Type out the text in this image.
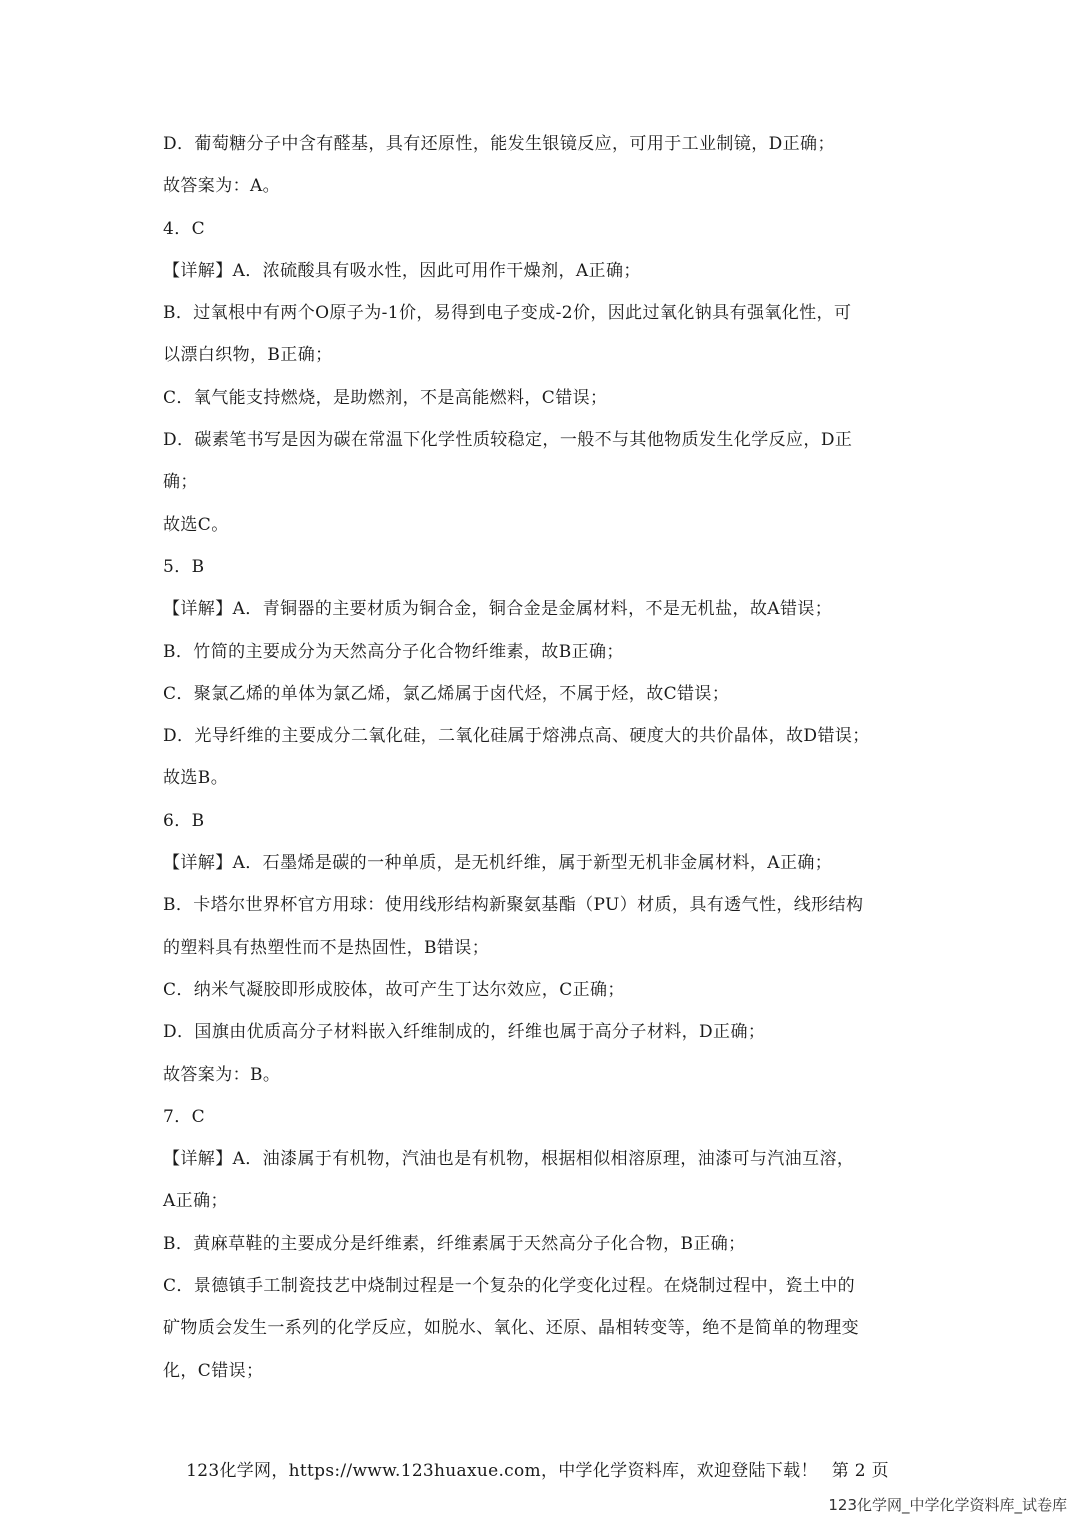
D．葡萄糖分子中含有醛基，具有还原性，能发生银镜反应，可用于工业制镜，D正确；
故答案为：A。
4．C
【详解】A．浓硫酸具有吸水性，因此可用作干燥剂，A正确；
B．过氧根中有两个O原子为-1价，易得到电子变成-2价，因此过氧化钠具有强氧化性，可
以漂白织物，B正确；
C．氧气能支持燃烧，是助燃剂，不是高能燃料，C错误；
D．碳素笔书写是因为碳在常温下化学性质较稳定，一般不与其他物质发生化学反应，D正
确；
故选C。
5．B
【详解】A．青铜器的主要材质为铜合金，铜合金是金属材料，不是无机盐，故A错误；
B．竹简的主要成分为天然高分子化合物纤维素，故B正确；
C．聚氯乙烯的单体为氯乙烯，氯乙烯属于卤代烃，不属于烃，故C错误；
D．光导纤维的主要成分二氧化硅，二氧化硅属于熔沸点高、硬度大的共价晶体，故D错误；
故选B。
6．B
【详解】A．石墨烯是碳的一种单质，是无机纤维，属于新型无机非金属材料，A正确；
B．卡塔尔世界杯官方用球：使用线形结构新聚氨基酯（PU）材质，具有透气性，线形结构
的塑料具有热塑性而不是热固性，B错误；
C．纳米气凝胶即形成胶体，故可产生丁达尔效应，C正确；
D．国旗由优质高分子材料嵌入纤维制成的，纤维也属于高分子材料，D正确；
故答案为：B。
7．C
【详解】A．油漆属于有机物，汽油也是有机物，根据相似相溶原理，油漆可与汽油互溶，
A正确；
B．黄麻草鞋的主要成分是纤维素，纤维素属于天然高分子化合物，B正确；
C．景德镇手工制瓷技艺中烧制过程是一个复杂的化学变化过程。在烧制过程中，瓷土中的
矿物质会发生一系列的化学反应，如脱水、氧化、还原、晶相转变等，绝不是简单的物理变
化，C错误；
123化学网，https://www.123huaxue.com，中学化学资料库，欢迎登陆下载！ 第 2 页
123化学网_中学化学资料库_试卷库
